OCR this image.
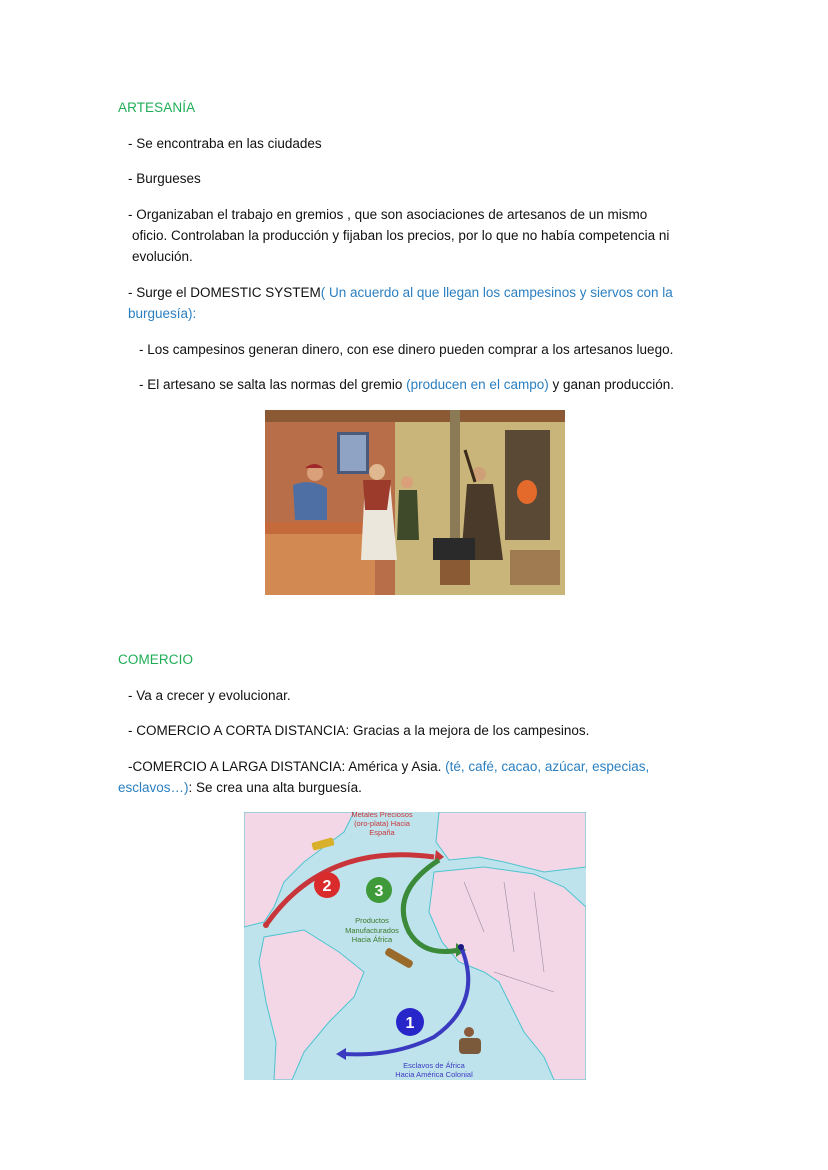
ARTESANÍA
- Se encontraba en las ciudades
- Burgueses
- Organizaban el trabajo en gremios , que son asociaciones de artesanos de un mismo
oficio. Controlaban la producción y fijaban los precios, por lo que no había competencia ni
evolución.
- Surge el DOMESTIC SYSTEM( Un acuerdo al que llegan los campesinos y siervos con la
burguesía):
- Los campesinos generan dinero, con ese dinero pueden comprar a los artesanos luego.
- El artesano se salta las normas del gremio (producen en el campo) y ganan producción.
COMERCIO
- Va a crecer y evolucionar.
- COMERCIO A CORTA DISTANCIA: Gracias a la mejora de los campesinos.
-COMERCIO A LARGA DISTANCIA: América y Asia. (té, café, cacao, azúcar, especias,
esclavos…): Se crea una alta burguesía.
2	3
1
Metales Preciosos
(oro-plata) Hacia
España
Productos
Manufacturados
Hacia África
Esclavos de África
Hacia América Colonial
